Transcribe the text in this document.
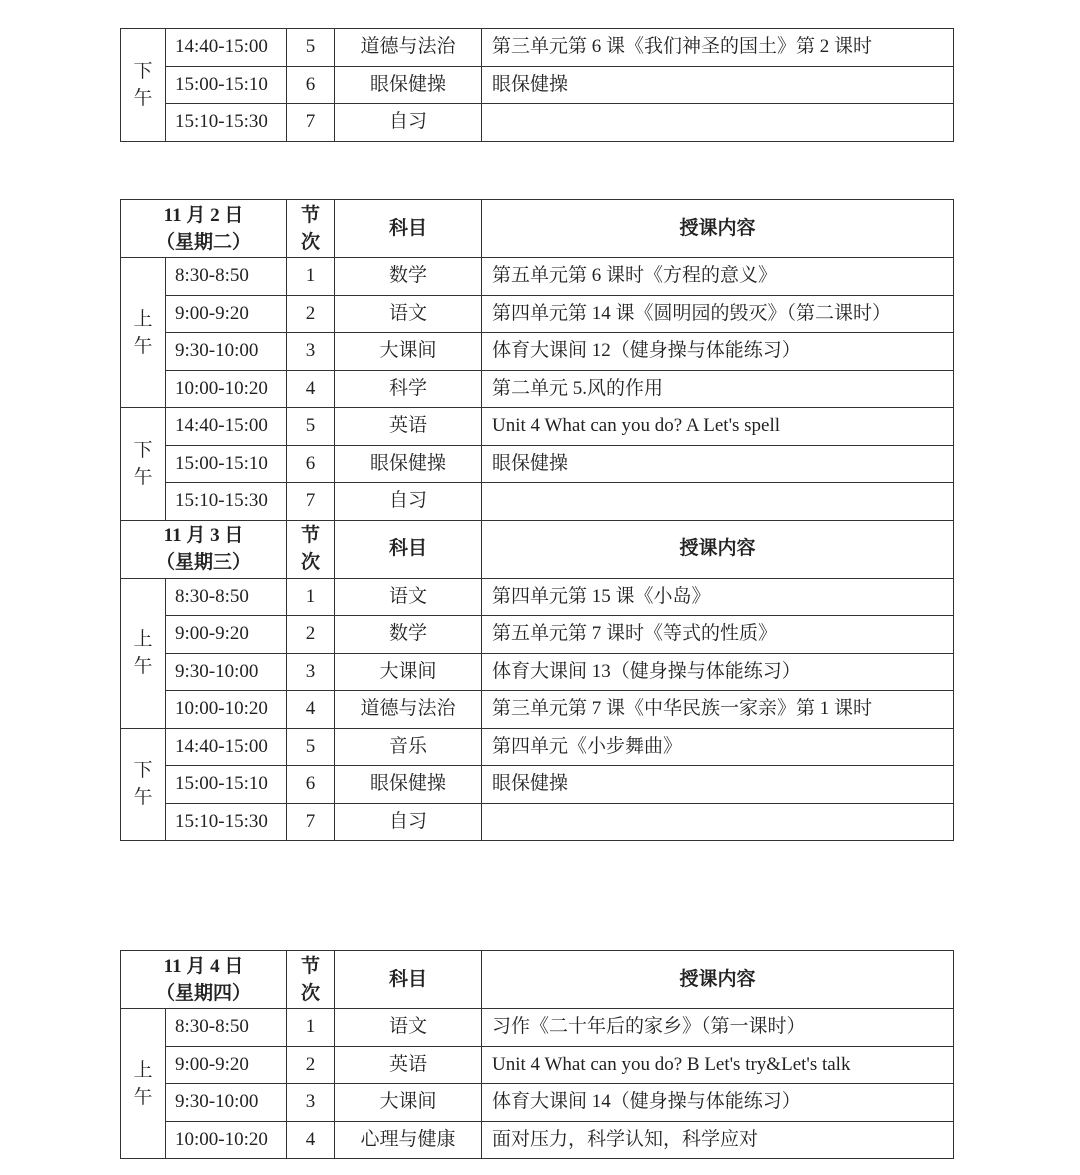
下午	14:40-15:00	5	道德与法治	第三单元第 6 课《我们神圣的国土》第 2 课时
	15:00-15:10	6	眼保健操	眼保健操
	15:10-15:30	7	自习	
11 月 2 日
（星期二）		节次	科目	授课内容
上午	8:30-8:50	1	数学	第五单元第 6 课时《方程的意义》
	9:00-9:20	2	语文	第四单元第 14 课《圆明园的毁灭》（第二课时）
	9:30-10:00	3	大课间	体育大课间 12（健身操与体能练习）
	10:00-10:20	4	科学	第二单元 5.风的作用
下午	14:40-15:00	5	英语	Unit 4 What can you do? A Let's spell
	15:00-15:10	6	眼保健操	眼保健操
	15:10-15:30	7	自习	

11 月 3 日
（星期三）		节次	科目	授课内容
上午	8:30-8:50	1	语文	第四单元第 15 课《小岛》
	9:00-9:20	2	数学	第五单元第 7 课时《等式的性质》
	9:30-10:00	3	大课间	体育大课间 13（健身操与体能练习）
	10:00-10:20	4	道德与法治	第三单元第 7 课《中华民族一家亲》第 1 课时
下午	14:40-15:00	5	音乐	第四单元《小步舞曲》
	15:00-15:10	6	眼保健操	眼保健操
	15:10-15:30	7	自习	
11 月 4 日
（星期四）		节次	科目	授课内容
上午	8:30-8:50	1	语文	习作《二十年后的家乡》（第一课时）
	9:00-9:20	2	英语	Unit 4 What can you do? B Let's try&Let's talk
	9:30-10:00	3	大课间	体育大课间 14（健身操与体能练习）
	10:00-10:20	4	心理与健康	面对压力，科学认知，科学应对
